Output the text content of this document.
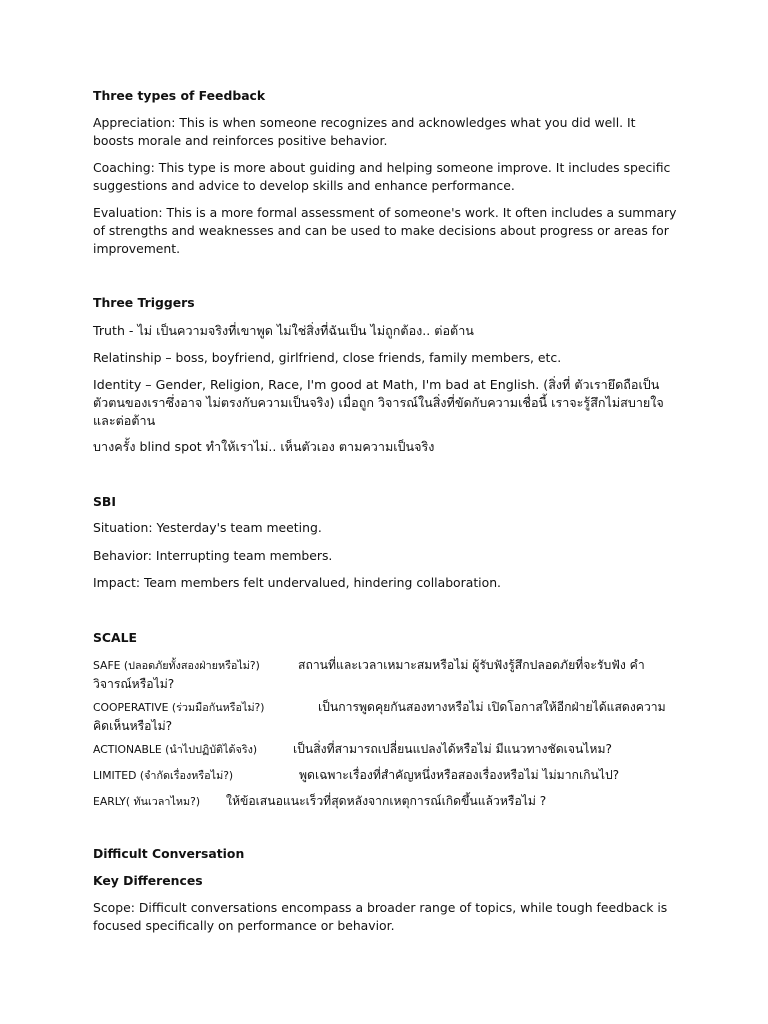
Three types of Feedback

Appreciation: This is when someone recognizes and acknowledges what you did well. It boosts morale and reinforces positive behavior.

Coaching: This type is more about guiding and helping someone improve. It includes specific suggestions and advice to develop skills and enhance performance.

Evaluation: This is a more formal assessment of someone's work. It often includes a summary of strengths and weaknesses and can be used to make decisions about progress or areas for improvement.

Three Triggers

Truth - ไม่ เป็นความจริงที่เขาพูด ไม่ใช่สิ่งที่ฉันเป็น ไม่ถูกต้อง.. ต่อต้าน

Relatinship – boss, boyfriend, girlfriend, close friends, family members, etc.

Identity – Gender, Religion, Race, I'm good at Math, I'm bad at English. (สิ่งที่ ตัวเรายึดถือเป็น ตัวตนของเราซึ่งอาจ ไม่ตรงกับความเป็นจริง) เมื่อถูก วิจารณ์ในสิ่งที่ขัดกับความเชื่อนี้ เราจะรู้สึกไม่สบายใจและต่อต้าน

บางครั้ง blind spot ทำให้เราไม่.. เห็นตัวเอง ตามความเป็นจริง

SBI

Situation: Yesterday's team meeting.

Behavior: Interrupting team members.

Impact: Team members felt undervalued, hindering collaboration.

SCALE

SAFE (ปลอดภัยทั้งสองฝ่ายหรือไม่?)	สถานที่และเวลาเหมาะสมหรือไม่ ผู้รับฟังรู้สึกปลอดภัยที่จะรับฟัง คำวิจารณ์หรือไม่?

COOPERATIVE (ร่วมมือกันหรือไม่?)	เป็นการพูดคุยกันสองทางหรือไม่ เปิดโอกาสให้อีกฝ่ายได้แสดงความ คิดเห็นหรือไม่?

ACTIONABLE (นำไปปฏิบัติได้จริง)	เป็นสิ่งที่สามารถเปลี่ยนแปลงได้หรือไม่ มีแนวทางชัดเจนไหม?

LIMITED (จำกัดเรื่องหรือไม่?)	พูดเฉพาะเรื่องที่สำคัญหนึ่งหรือสองเรื่องหรือไม่ ไม่มากเกินไป?

EARLY( ทันเวลาไหม?) ให้ข้อเสนอแนะเร็วที่สุดหลังจากเหตุการณ์เกิดขึ้นแล้วหรือไม่ ?

Difficult Conversation

Key Differences

Scope: Difficult conversations encompass a broader range of topics, while tough feedback is focused specifically on performance or behavior.
